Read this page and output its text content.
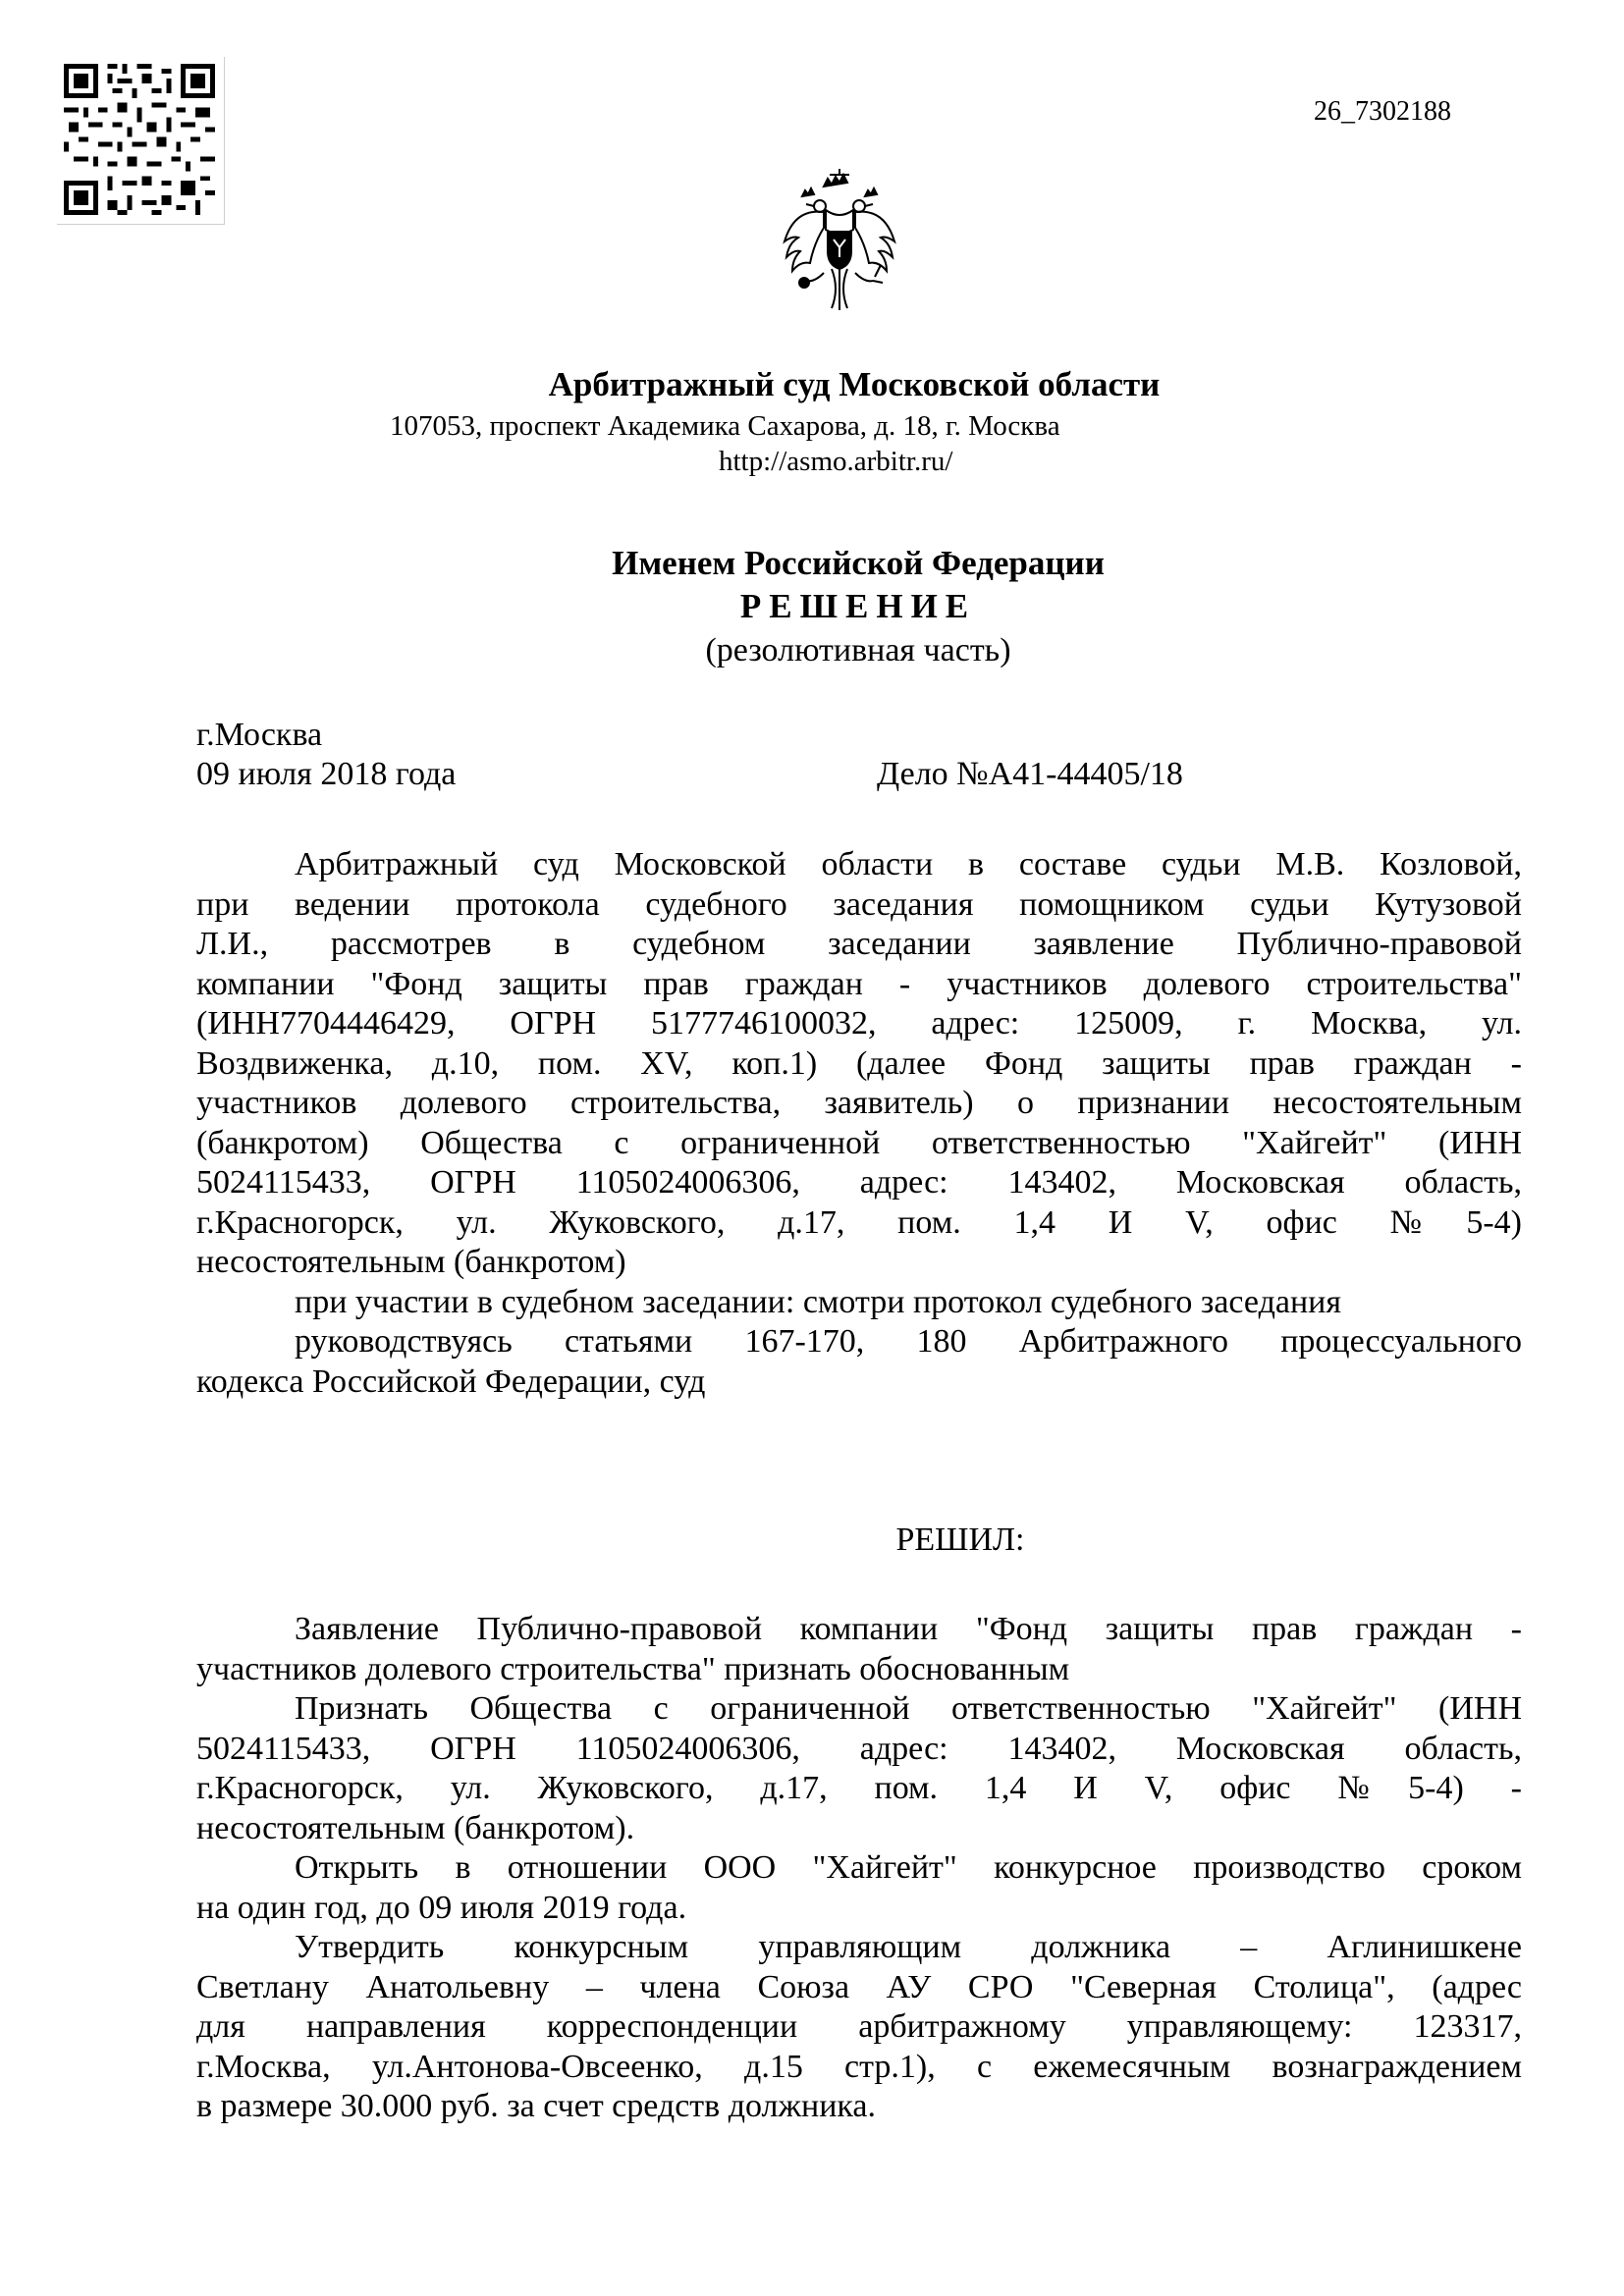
26_7302188
Арбитражный суд Московской области
107053, проспект Академика Сахарова, д. 18, г. Москва
http://asmo.arbitr.ru/
Именем Российской Федерации
РЕШЕНИЕ
(резолютивная часть)
г.Москва
09 июля 2018 года	Дело №А41-44405/18
Арбитражный суд Московской области в составе судьи М.В. Козловой,
при ведении протокола судебного заседания помощником судьи Кутузовой
Л.И., рассмотрев в судебном заседании заявление Публично-правовой
компании "Фонд защиты прав граждан - участников долевого строительства"
(ИНН7704446429, ОГРН 5177746100032, адрес: 125009, г. Москва, ул.
Воздвиженка, д.10, пом. XV, коп.1) (далее Фонд защиты прав граждан -
участников долевого строительства, заявитель) о признании несостоятельным
(банкротом) Общества с ограниченной ответственностью "Хайгейт" (ИНН
5024115433, ОГРН 1105024006306, адрес: 143402, Московская область,
г.Красногорск, ул. Жуковского, д.17, пом. 1,4 И V, офис №5-4)
несостоятельным (банкротом)
при участии в судебном заседании: смотри протокол судебного заседания
руководствуясь статьями 167-170, 180 Арбитражного процессуального
кодекса Российской Федерации, суд
РЕШИЛ:
Заявление Публично-правовой компании "Фонд защиты прав граждан -
участников долевого строительства" признать обоснованным
Признать Общества с ограниченной ответственностью "Хайгейт" (ИНН
5024115433, ОГРН 1105024006306, адрес: 143402, Московская область,
г.Красногорск, ул. Жуковского, д.17, пом. 1,4 И V, офис №5-4) -
несостоятельным (банкротом).
Открыть в отношении ООО "Хайгейт" конкурсное производство сроком
на один год, до 09 июля 2019 года.
Утвердить конкурсным управляющим должника – Аглинишкене
Светлану Анатольевну – члена Союза АУ СРО "Северная Столица", (адрес
для направления корреспонденции арбитражному управляющему: 123317,
г.Москва, ул.Антонова-Овсеенко, д.15 стр.1), с ежемесячным вознаграждением
в размере 30.000 руб. за счет средств должника.
